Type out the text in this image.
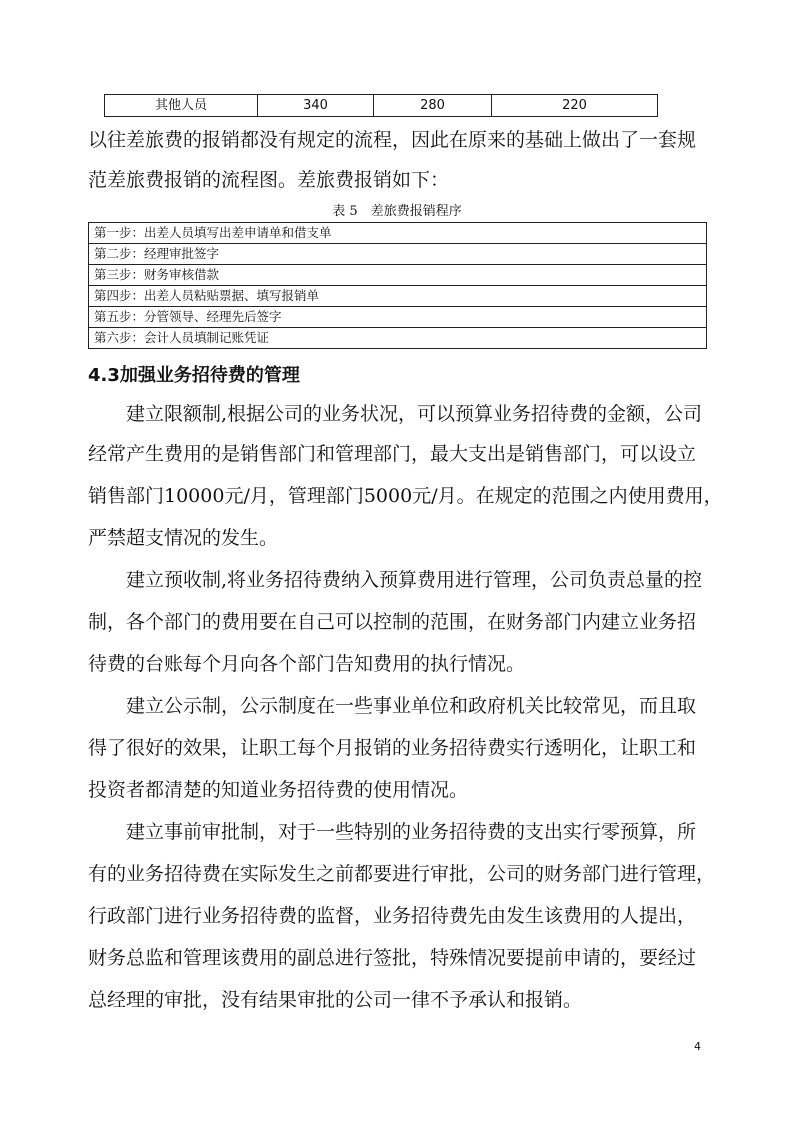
其他人员	340	280	220
以往差旅费的报销都没有规定的流程，因此在原来的基础上做出了一套规
范差旅费报销的流程图。差旅费报销如下：
表 5　差旅费报销程序
第一步：出差人员填写出差申请单和借支单
第二步：经理审批签字
第三步：财务审核借款
第四步：出差人员粘贴票据、填写报销单
第五步：分管领导、经理先后签字
第六步：会计人员填制记账凭证
4.3加强业务招待费的管理
　　建立限额制,根据公司的业务状况，可以预算业务招待费的金额，公司
经常产生费用的是销售部门和管理部门，最大支出是销售部门，可以设立
销售部门10000元/月，管理部门5000元/月。在规定的范围之内使用费用，
严禁超支情况的发生。
　　建立预收制,将业务招待费纳入预算费用进行管理，公司负责总量的控
制，各个部门的费用要在自己可以控制的范围，在财务部门内建立业务招
待费的台账每个月向各个部门告知费用的执行情况。
　　建立公示制，公示制度在一些事业单位和政府机关比较常见，而且取
得了很好的效果，让职工每个月报销的业务招待费实行透明化，让职工和
投资者都清楚的知道业务招待费的使用情况。
　　建立事前审批制，对于一些特别的业务招待费的支出实行零预算，所
有的业务招待费在实际发生之前都要进行审批，公司的财务部门进行管理，
行政部门进行业务招待费的监督，业务招待费先由发生该费用的人提出，
财务总监和管理该费用的副总进行签批，特殊情况要提前申请的，要经过
总经理的审批，没有结果审批的公司一律不予承认和报销。
4
